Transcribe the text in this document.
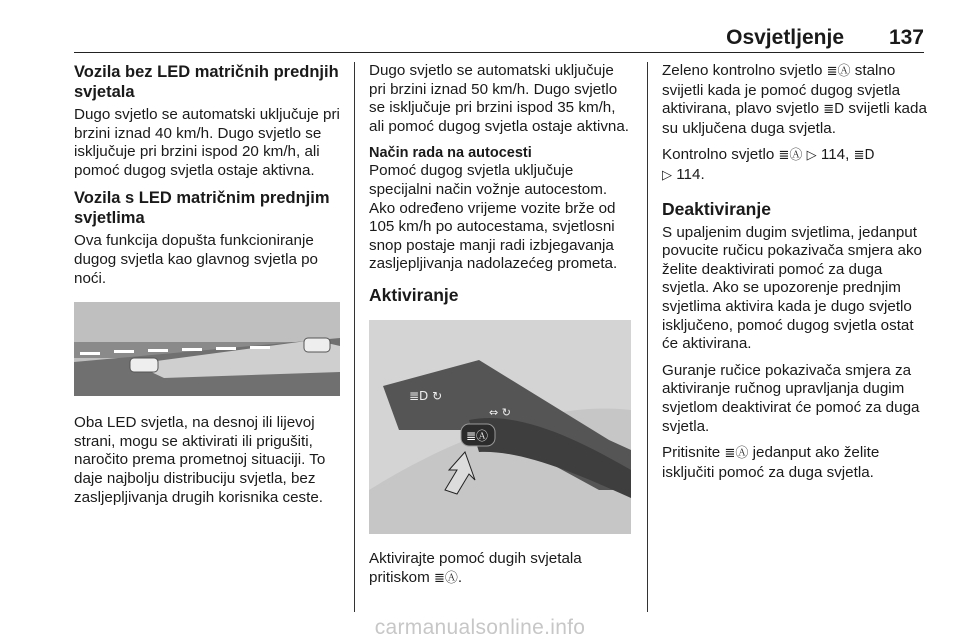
Osvjetljenje 137
Vozila bez LED matričnih prednjih svjetala

Dugo svjetlo se automatski uključuje pri brzini iznad 40 km/h. Dugo svjetlo se isključuje pri brzini ispod 20 km/h, ali pomoć dugog svjetla ostaje aktivna.

Vozila s LED matričnim prednjim svjetlima

Ova funkcija dopušta funkcioniranje dugog svjetla kao glavnog svjetla po noći.

Oba LED svjetla, na desnoj ili lijevoj strani, mogu se aktivirati ili prigušiti, naročito prema prometnoj situaciji. To daje najbolju distribuciju svjetla, bez zasljepljivanja drugih korisnika ceste.

Dugo svjetlo se automatski uključuje pri brzini iznad 50 km/h. Dugo svjetlo se isključuje pri brzini ispod 35 km/h, ali pomoć dugog svjetla ostaje aktivna.

Način rada na autocesti

Pomoć dugog svjetla uključuje specijalni način vožnje autocestom. Ako određeno vrijeme vozite brže od 105 km/h po autocestama, svjetlosni snop postaje manji radi izbjegavanja zasljepljivanja nadolazećeg prometa.

Aktiviranje
≣D ↻
⇔ ↻
≣Ⓐ

Aktivirajte pomoć dugih svjetala pritiskom ≣Ⓐ.

Zeleno kontrolno svjetlo ≣Ⓐ stalno svijetli kada je pomoć dugog svjetla aktivirana, plavo svjetlo ≣D svijetli kada su uključena duga svjetla.

Kontrolno svjetlo ≣Ⓐ ▷ 114, ≣D
▷ 114.

Deaktiviranje

S upaljenim dugim svjetlima, jedanput povucite ručicu pokazivača smjera ako želite deaktivirati pomoć za duga svjetla. Ako se upozorenje prednjim svjetlima aktivira kada je dugo svjetlo isključeno, pomoć dugog svjetla ostat će aktivirana.

Guranje ručice pokazivača smjera za aktiviranje ručnog upravljanja dugim svjetlom deaktivirat će pomoć za duga svjetla.

Pritisnite ≣Ⓐ jedanput ako želite isključiti pomoć za duga svjetla.

carmanualsonline.info
